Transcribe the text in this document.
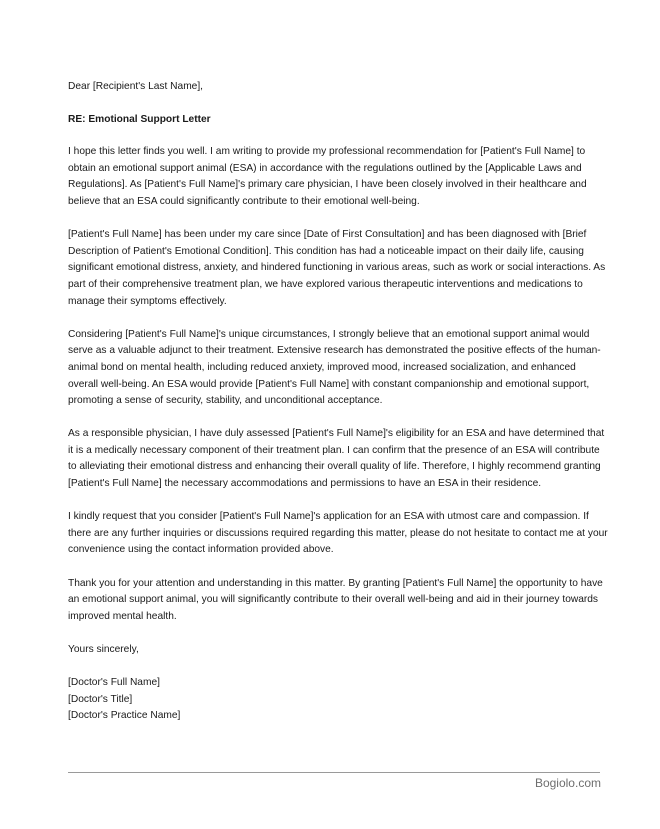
Dear [Recipient's Last Name],

RE: Emotional Support Letter

I hope this letter finds you well. I am writing to provide my professional recommendation for [Patient's Full Name] to obtain an emotional support animal (ESA) in accordance with the regulations outlined by the [Applicable Laws and Regulations]. As [Patient's Full Name]'s primary care physician, I have been closely involved in their healthcare and believe that an ESA could significantly contribute to their emotional well-being.

[Patient's Full Name] has been under my care since [Date of First Consultation] and has been diagnosed with [Brief Description of Patient's Emotional Condition]. This condition has had a noticeable impact on their daily life, causing significant emotional distress, anxiety, and hindered functioning in various areas, such as work or social interactions. As part of their comprehensive treatment plan, we have explored various therapeutic interventions and medications to manage their symptoms effectively.

Considering [Patient's Full Name]'s unique circumstances, I strongly believe that an emotional support animal would serve as a valuable adjunct to their treatment. Extensive research has demonstrated the positive effects of the human-animal bond on mental health, including reduced anxiety, improved mood, increased socialization, and enhanced overall well-being. An ESA would provide [Patient's Full Name] with constant companionship and emotional support, promoting a sense of security, stability, and unconditional acceptance.

As a responsible physician, I have duly assessed [Patient's Full Name]'s eligibility for an ESA and have determined that it is a medically necessary component of their treatment plan. I can confirm that the presence of an ESA will contribute to alleviating their emotional distress and enhancing their overall quality of life. Therefore, I highly recommend granting [Patient's Full Name] the necessary accommodations and permissions to have an ESA in their residence.

I kindly request that you consider [Patient's Full Name]'s application for an ESA with utmost care and compassion. If there are any further inquiries or discussions required regarding this matter, please do not hesitate to contact me at your convenience using the contact information provided above.

Thank you for your attention and understanding in this matter. By granting [Patient's Full Name] the opportunity to have an emotional support animal, you will significantly contribute to their overall well-being and aid in their journey towards improved mental health.

Yours sincerely,

[Doctor's Full Name]

[Doctor's Title]

[Doctor's Practice Name]

Bogiolo.com
